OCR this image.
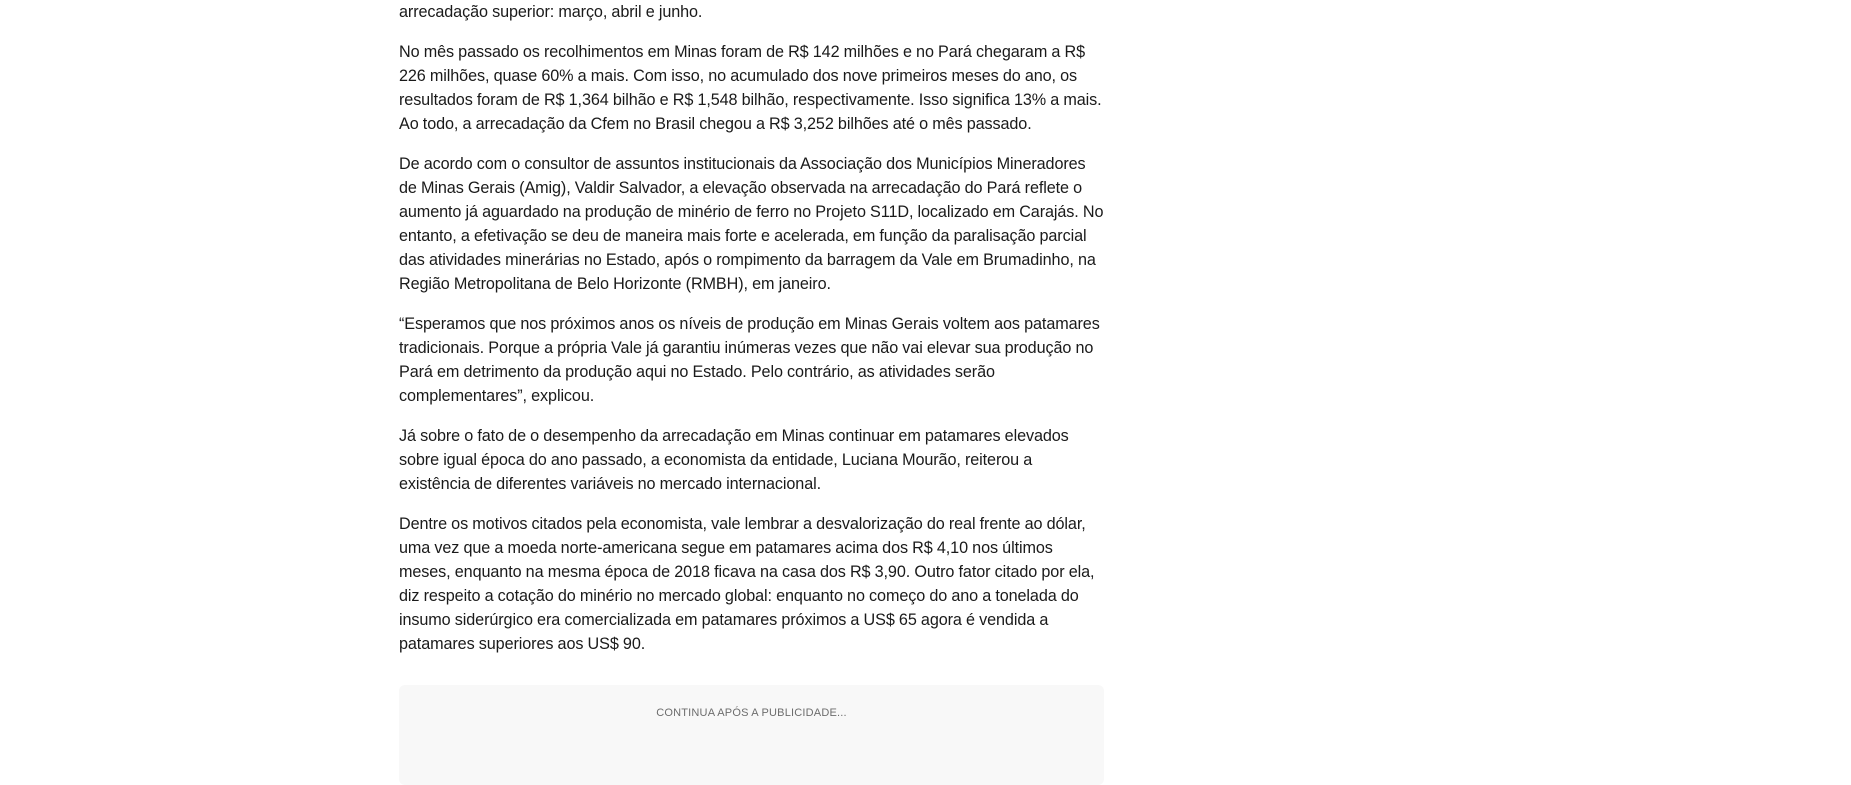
arrecadação superior: março, abril e junho.

No mês passado os recolhimentos em Minas foram de R$ 142 milhões e no Pará chegaram a R$ 226 milhões, quase 60% a mais. Com isso, no acumulado dos nove primeiros meses do ano, os resultados foram de R$ 1,364 bilhão e R$ 1,548 bilhão, respectivamente. Isso significa 13% a mais. Ao todo, a arrecadação da Cfem no Brasil chegou a R$ 3,252 bilhões até o mês passado.

De acordo com o consultor de assuntos institucionais da Associação dos Municípios Mineradores de Minas Gerais (Amig), Valdir Salvador, a elevação observada na arrecadação do Pará reflete o aumento já aguardado na produção de minério de ferro no Projeto S11D, localizado em Carajás. No entanto, a efetivação se deu de maneira mais forte e acelerada, em função da paralisação parcial das atividades minerárias no Estado, após o rompimento da barragem da Vale em Brumadinho, na Região Metropolitana de Belo Horizonte (RMBH), em janeiro.

“Esperamos que nos próximos anos os níveis de produção em Minas Gerais voltem aos patamares tradicionais. Porque a própria Vale já garantiu inúmeras vezes que não vai elevar sua produção no Pará em detrimento da produção aqui no Estado. Pelo contrário, as atividades serão complementares”, explicou.

Já sobre o fato de o desempenho da arrecadação em Minas continuar em patamares elevados sobre igual época do ano passado, a economista da entidade, Luciana Mourão, reiterou a existência de diferentes variáveis no mercado internacional.

Dentre os motivos citados pela economista, vale lembrar a desvalorização do real frente ao dólar, uma vez que a moeda norte-americana segue em patamares acima dos R$ 4,10 nos últimos meses, enquanto na mesma época de 2018 ficava na casa dos R$ 3,90. Outro fator citado por ela, diz respeito a cotação do minério no mercado global: enquanto no começo do ano a tonelada do insumo siderúrgico era comercializada em patamares próximos a US$ 65 agora é vendida a patamares superiores aos US$ 90.

CONTINUA APÓS A PUBLICIDADE...
